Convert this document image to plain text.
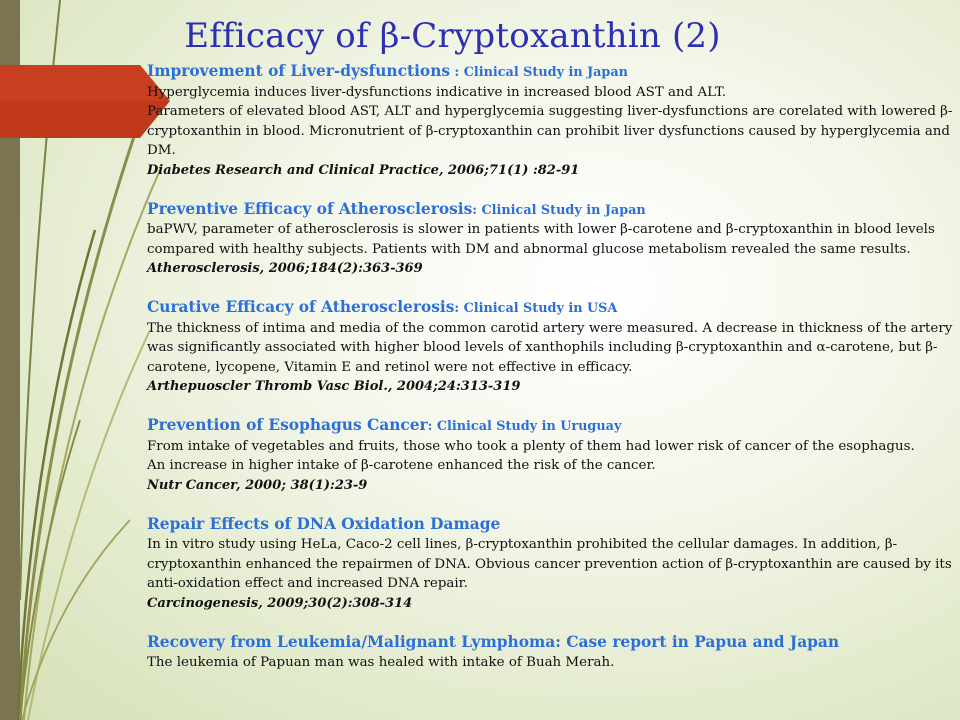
Efficacy of β-Cryptoxanthin (2)
Improvement of Liver-dysfunctions : Clinical Study in Japan
Hyperglycemia induces liver-dysfunctions indicative in increased blood AST and ALT.
Parameters of elevated blood AST, ALT and hyperglycemia suggesting liver-dysfunctions are corelated with lowered β-cryptoxanthin in blood. Micronutrient of β-cryptoxanthin can prohibit liver dysfunctions caused by hyperglycemia and DM.
Diabetes Research and Clinical Practice, 2006;71(1) :82-91
Preventive Efficacy of Atherosclerosis: Clinical Study in Japan
baPWV, parameter of atherosclerosis is slower in patients with lower β-carotene and β-cryptoxanthin in blood levels compared with healthy subjects. Patients with DM and abnormal glucose metabolism revealed the same results.
Atherosclerosis, 2006;184(2):363-369
Curative Efficacy of Atherosclerosis: Clinical Study in USA
The thickness of intima and media of the common carotid artery were measured. A decrease in thickness of the artery was significantly associated with higher blood levels of xanthophils including β-cryptoxanthin and α-carotene, but β-carotene, lycopene, Vitamin E and retinol were not effective in efficacy.
Arthериoscler Thromb Vasc Biol., 2004;24:313-319
Prevention of Esophagus Cancer: Clinical Study in Uruguay
From intake of vegetables and fruits, those who took a plenty of them had lower risk of cancer of the esophagus.
An increase in higher intake of β-carotene enhanced the risk of the cancer.
Nutr Cancer, 2000; 38(1):23-9
Repair Effects of DNA Oxidation Damage
In in vitro study using HeLa, Caco-2 cell lines, β-cryptoxanthin prohibited the cellular damages. In addition, β-cryptoxanthin enhanced the repairmen of DNA. Obvious cancer prevention action of β-cryptoxanthin are caused by its anti-oxidation effect and increased DNA repair.
Carcinogenesis, 2009;30(2):308-314
Recovery from Leukemia/Malignant Lymphoma: Case report in Papua and Japan
The leukemia of Papuan man was healed with intake of Buah Merah.
